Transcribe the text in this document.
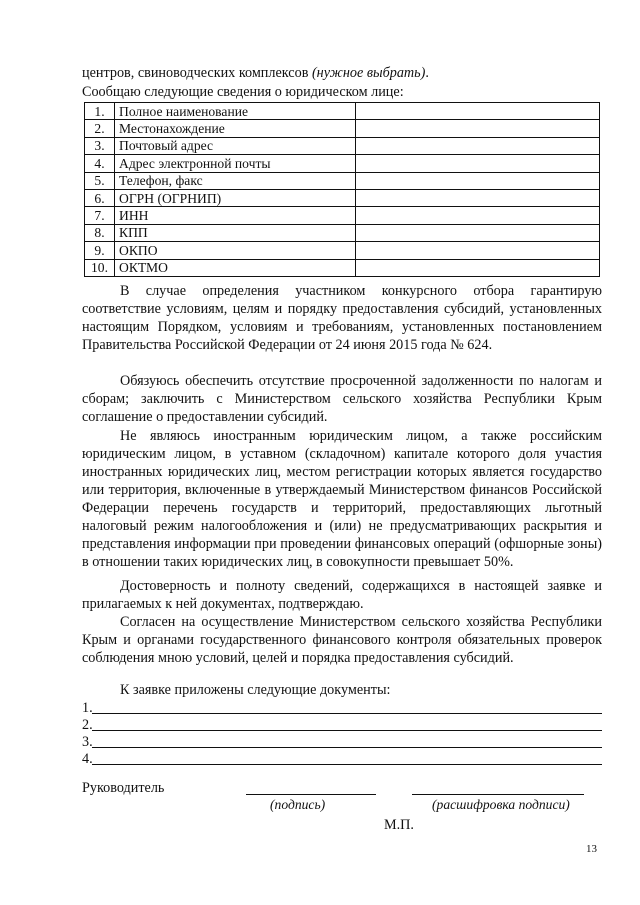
центров, свиноводческих комплексов (нужное выбрать).
Сообщаю следующие сведения о юридическом лице:
1.	Полное наименование	
2.	Местонахождение	
3.	Почтовый адрес	
4.	Адрес электронной почты	
5.	Телефон, факс	
6.	ОГРН (ОГРНИП)	
7.	ИНН	
8.	КПП	
9.	ОКПО	
10.	ОКТМО	

В случае определения участником конкурсного отбора гарантирую соответствие условиям, целям и порядку предоставления субсидий, установленных настоящим Порядком, условиям и требованиям, установленных постановлением Правительства Российской Федерации от 24 июня 2015 года № 624.

Обязуюсь обеспечить отсутствие просроченной задолженности по налогам и сборам; заключить с Министерством сельского хозяйства Республики Крым соглашение о предоставлении субсидий.

Не являюсь иностранным юридическим лицом, а также российским юридическим лицом, в уставном (складочном) капитале которого доля участия иностранных юридических лиц, местом регистрации которых является государство или территория, включенные в утверждаемый Министерством финансов Российской Федерации перечень государств и территорий, предоставляющих льготный налоговый режим налогообложения и (или) не предусматривающих раскрытия и представления информации при проведении финансовых операций (офшорные зоны) в отношении таких юридических лиц, в совокупности превышает 50%.

Достоверность и полноту сведений, содержащихся в настоящей заявке и прилагаемых к ней документах, подтверждаю.

Согласен на осуществление Министерством сельского хозяйства Республики Крым и органами государственного финансового контроля обязательных проверок соблюдения мною условий, целей и порядка предоставления субсидий.

К заявке приложены следующие документы:
1.
2.
3.
4.
Руководитель
(подпись)	(расшифровка подписи)
М.П.
13
